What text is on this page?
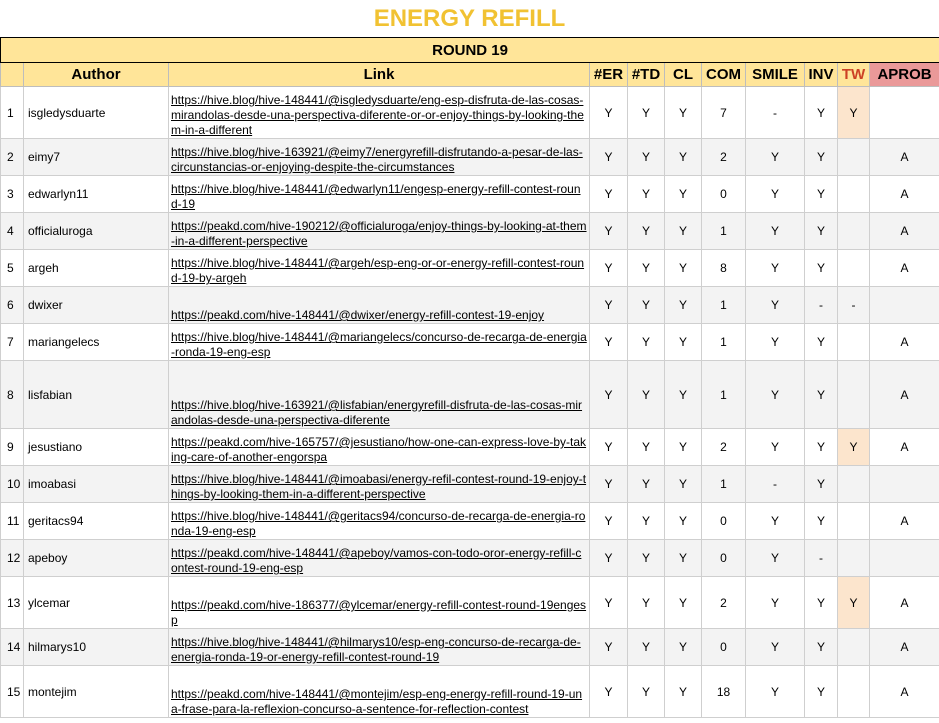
ENERGY REFILL
ROUND 19										
	Author	Link	#ER	#TD	CL	COM	SMILE	INV	TW	APROB
1	isgledysduarte	https://hive.blog/hive-148441/@isgledysduarte/eng-esp-disfruta-de-las-cosas-mirandolas-desde-una-perspectiva-diferente-or-or-enjoy-things-by-looking-them-in-a-different	Y	Y	Y	7	-	Y	Y	
2	eimy7	https://hive.blog/hive-163921/@eimy7/energyrefill-disfrutando-a-pesar-de-las-circunstancias-or-enjoying-despite-the-circumstances	Y	Y	Y	2	Y	Y		A
3	edwarlyn11	https://hive.blog/hive-148441/@edwarlyn11/engesp-energy-refill-contest-round-19	Y	Y	Y	0	Y	Y		A
4	officialuroga	https://peakd.com/hive-190212/@officialuroga/enjoy-things-by-looking-at-them-in-a-different-perspective	Y	Y	Y	1	Y	Y		A
5	argeh	https://hive.blog/hive-148441/@argeh/esp-eng-or-or-energy-refill-contest-round-19-by-argeh	Y	Y	Y	8	Y	Y		A
6	dwixer	https://peakd.com/hive-148441/@dwixer/energy-refill-contest-19-enjoy	Y	Y	Y	1	Y	-	-	
7	mariangelecs	https://hive.blog/hive-148441/@mariangelecs/concurso-de-recarga-de-energia-ronda-19-eng-esp	Y	Y	Y	1	Y	Y		A
8	lisfabian	https://hive.blog/hive-163921/@lisfabian/energyrefill-disfruta-de-las-cosas-mirandolas-desde-una-perspectiva-diferente	Y	Y	Y	1	Y	Y		A
9	jesustiano	https://peakd.com/hive-165757/@jesustiano/how-one-can-express-love-by-taking-care-of-another-engorspa	Y	Y	Y	2	Y	Y	Y	A
10	imoabasi	https://hive.blog/hive-148441/@imoabasi/energy-refil-contest-round-19-enjoy-things-by-looking-them-in-a-different-perspective	Y	Y	Y	1	-	Y		
11	geritacs94	https://hive.blog/hive-148441/@geritacs94/concurso-de-recarga-de-energia-ronda-19-eng-esp	Y	Y	Y	0	Y	Y		A
12	apeboy	https://peakd.com/hive-148441/@apeboy/vamos-con-todo-oror-energy-refill-contest-round-19-eng-esp	Y	Y	Y	0	Y	-		
13	ylcemar	https://peakd.com/hive-186377/@ylcemar/energy-refill-contest-round-19engesp	Y	Y	Y	2	Y	Y	Y	A
14	hilmarys10	https://hive.blog/hive-148441/@hilmarys10/esp-eng-concurso-de-recarga-de-energia-ronda-19-or-energy-refill-contest-round-19	Y	Y	Y	0	Y	Y		A
15	montejim	https://peakd.com/hive-148441/@montejim/esp-eng-energy-refill-round-19-una-frase-para-la-reflexion-concurso-a-sentence-for-reflection-contest	Y	Y	Y	18	Y	Y		A
